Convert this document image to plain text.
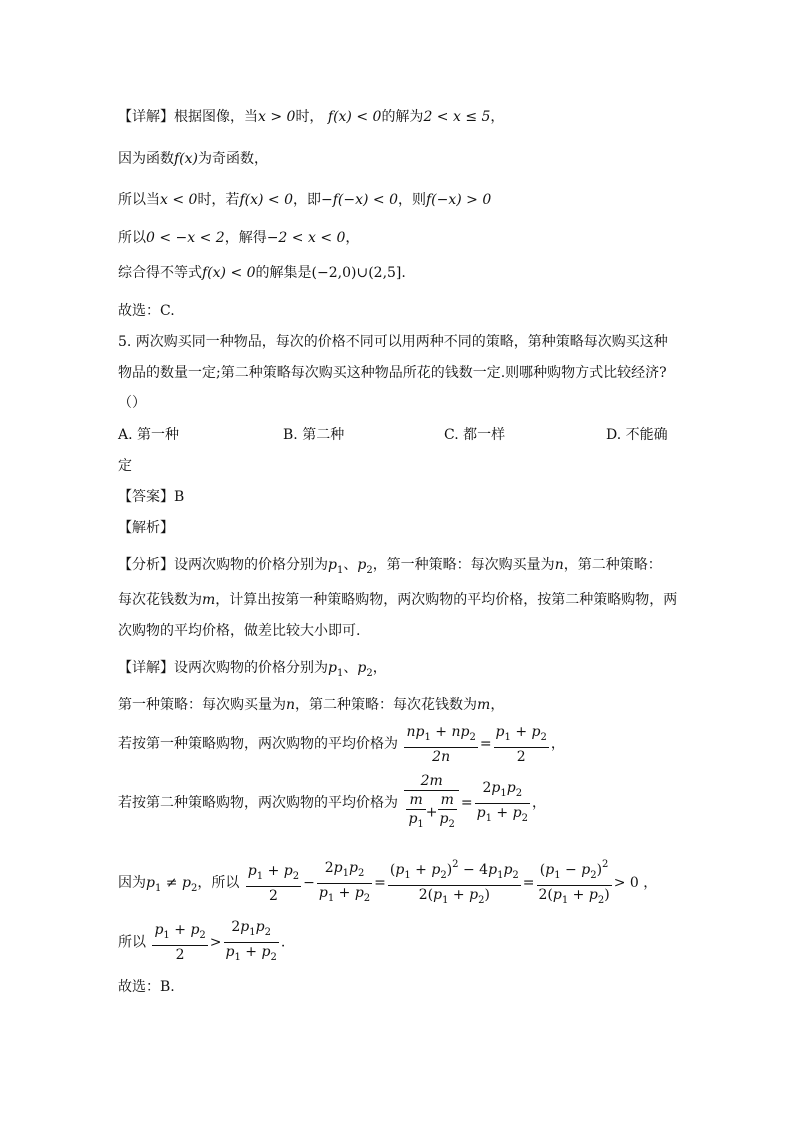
【详解】根据图像，当x > 0时， f(x) < 0的解为2 < x ≤ 5，
因为函数f(x)为奇函数，
所以当x < 0时，若f(x) < 0，即−f(−x) < 0，则f(−x) > 0
所以0 < −x < 2，解得−2 < x < 0，
综合得不等式f(x) < 0的解集是(−2,0)∪(2,5].
故选：C.
5. 两次购买同一种物品，每次的价格不同可以用两种不同的策略，第种策略每次购买这种
物品的数量一定;第二种策略每次购买这种物品所花的钱数一定.则哪种购物方式比较经济?
（）
A. 第一种	B. 第二种	C. 都一样	D. 不能确
定
【答案】B
【解析】
【分析】设两次购物的价格分别为$p_1$、$p_2$，第一种策略：每次购买量为n，第二种策略：
每次花钱数为m，计算出按第一种策略购物，两次购物的平均价格，按第二种策略购物，两
次购物的平均价格，做差比较大小即可.
【详解】设两次购物的价格分别为$p_1$、$p_2$，
第一种策略：每次购买量为n，第二种策略：每次花钱数为m，
若按第一种策略购物，两次购物的平均价格为 $\frac{np_1 + np_2}{2n} = \frac{p_1 + p_2}{2}$ ，
若按第二种策略购物，两次购物的平均价格为 $\frac{2m}{\frac{m}{p_1} + \frac{m}{p_2}} = \frac{2p_1p_2}{p_1 + p_2}$ ，
因为$p_1 \ne p_2$，所以 $\frac{p_1 + p_2}{2} - \frac{2p_1p_2}{p_1 + p_2} = \frac{(p_1 + p_2)^2 - 4p_1p_2}{2(p_1 + p_2)} = \frac{(p_1 - p_2)^2}{2(p_1 + p_2)} > 0$ ，
所以 $\frac{p_1 + p_2}{2} > \frac{2p_1p_2}{p_1 + p_2}$ .
故选：B.
